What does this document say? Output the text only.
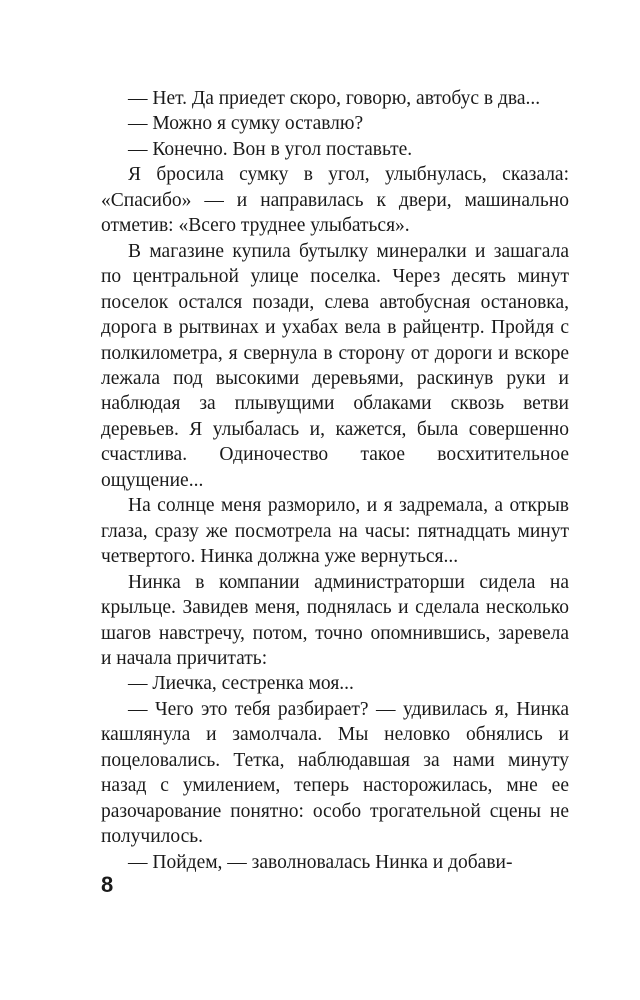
— Нет. Да приедет скоро, говорю, автобус в два...

— Можно я сумку оставлю?

— Конечно. Вон в угол поставьте.

Я бросила сумку в угол, улыбнулась, сказала: «Спасибо» — и направилась к двери, машинально отметив: «Всего труднее улыбаться».

В магазине купила бутылку минералки и зашагала по центральной улице поселка. Через десять минут поселок остался позади, слева автобусная остановка, дорога в рытвинах и ухабах вела в райцентр. Пройдя с полкилометра, я свернула в сторону от дороги и вскоре лежала под высокими деревьями, раскинув руки и наблюдая за плывущими облаками сквозь ветви деревьев. Я улыбалась и, кажется, была совершенно счастлива. Одиночество такое восхитительное ощущение...

На солнце меня разморило, и я задремала, а открыв глаза, сразу же посмотрела на часы: пятнадцать минут четвертого. Нинка должна уже вернуться...

Нинка в компании администраторши сидела на крыльце. Завидев меня, поднялась и сделала несколько шагов навстречу, потом, точно опомнившись, заревела и начала причитать:

— Лиечка, сестренка моя...

— Чего это тебя разбирает? — удивилась я, Нинка кашлянула и замолчала. Мы неловко обнялись и поцеловались. Тетка, наблюдавшая за нами минуту назад с умилением, теперь насторожилась, мне ее разочарование понятно: особо трогательной сцены не получилось.

— Пойдем, — заволновалась Нинка и добави-

8
